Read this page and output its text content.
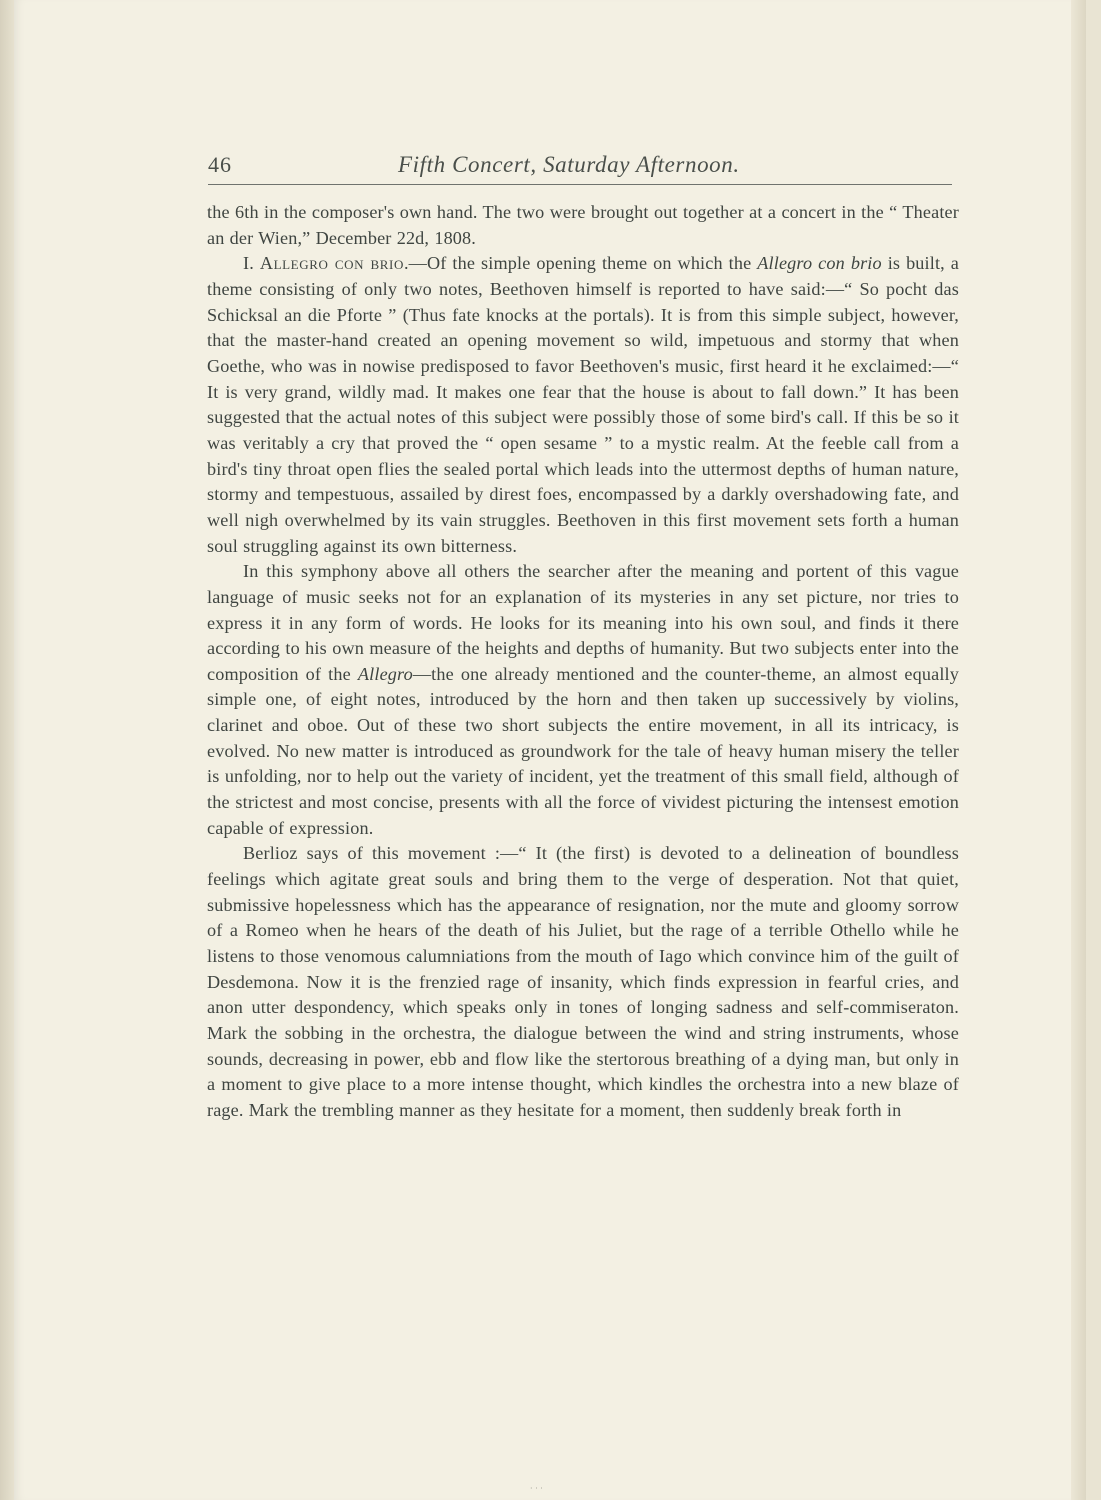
46	Fifth Concert, Saturday Afternoon.

the 6th in the composer's own hand. The two were brought out together at a concert in the “ Theater an der Wien,” December 22d, 1808.

I. Allegro con brio.—Of the simple opening theme on which the Allegro con brio is built, a theme consisting of only two notes, Beethoven himself is reported to have said:—“ So pocht das Schicksal an die Pforte ” (Thus fate knocks at the portals). It is from this simple subject, however, that the master-hand created an opening movement so wild, impetuous and stormy that when Goethe, who was in nowise predisposed to favor Beethoven's music, first heard it he exclaimed:—“ It is very grand, wildly mad. It makes one fear that the house is about to fall down.” It has been suggested that the actual notes of this subject were possibly those of some bird's call. If this be so it was veritably a cry that proved the “ open sesame ” to a mystic realm. At the feeble call from a bird's tiny throat open flies the sealed portal which leads into the uttermost depths of human nature, stormy and tempestuous, assailed by direst foes, encompassed by a darkly overshadowing fate, and well nigh overwhelmed by its vain struggles. Beethoven in this first movement sets forth a human soul struggling against its own bitterness.

In this symphony above all others the searcher after the meaning and portent of this vague language of music seeks not for an explanation of its mysteries in any set picture, nor tries to express it in any form of words. He looks for its meaning into his own soul, and finds it there according to his own measure of the heights and depths of humanity. But two subjects enter into the composition of the Allegro—the one already mentioned and the counter-theme, an almost equally simple one, of eight notes, introduced by the horn and then taken up successively by violins, clarinet and oboe. Out of these two short subjects the entire movement, in all its intricacy, is evolved. No new matter is introduced as groundwork for the tale of heavy human misery the teller is unfolding, nor to help out the variety of incident, yet the treatment of this small field, although of the strictest and most concise, presents with all the force of vividest picturing the intensest emotion capable of expression.

Berlioz says of this movement :—“ It (the first) is devoted to a delineation of boundless feelings which agitate great souls and bring them to the verge of desperation. Not that quiet, submissive hopelessness which has the appearance of resignation, nor the mute and gloomy sorrow of a Romeo when he hears of the death of his Juliet, but the rage of a terrible Othello while he listens to those venomous calumniations from the mouth of Iago which convince him of the guilt of Desdemona. Now it is the frenzied rage of insanity, which finds expression in fearful cries, and anon utter despondency, which speaks only in tones of longing sadness and self-commiseraton. Mark the sobbing in the orchestra, the dialogue between the wind and string instruments, whose sounds, decreasing in power, ebb and flow like the stertorous breathing of a dying man, but only in a moment to give place to a more intense thought, which kindles the orchestra into a new blaze of rage. Mark the trembling manner as they hesitate for a moment, then suddenly break forth in

· · ·
